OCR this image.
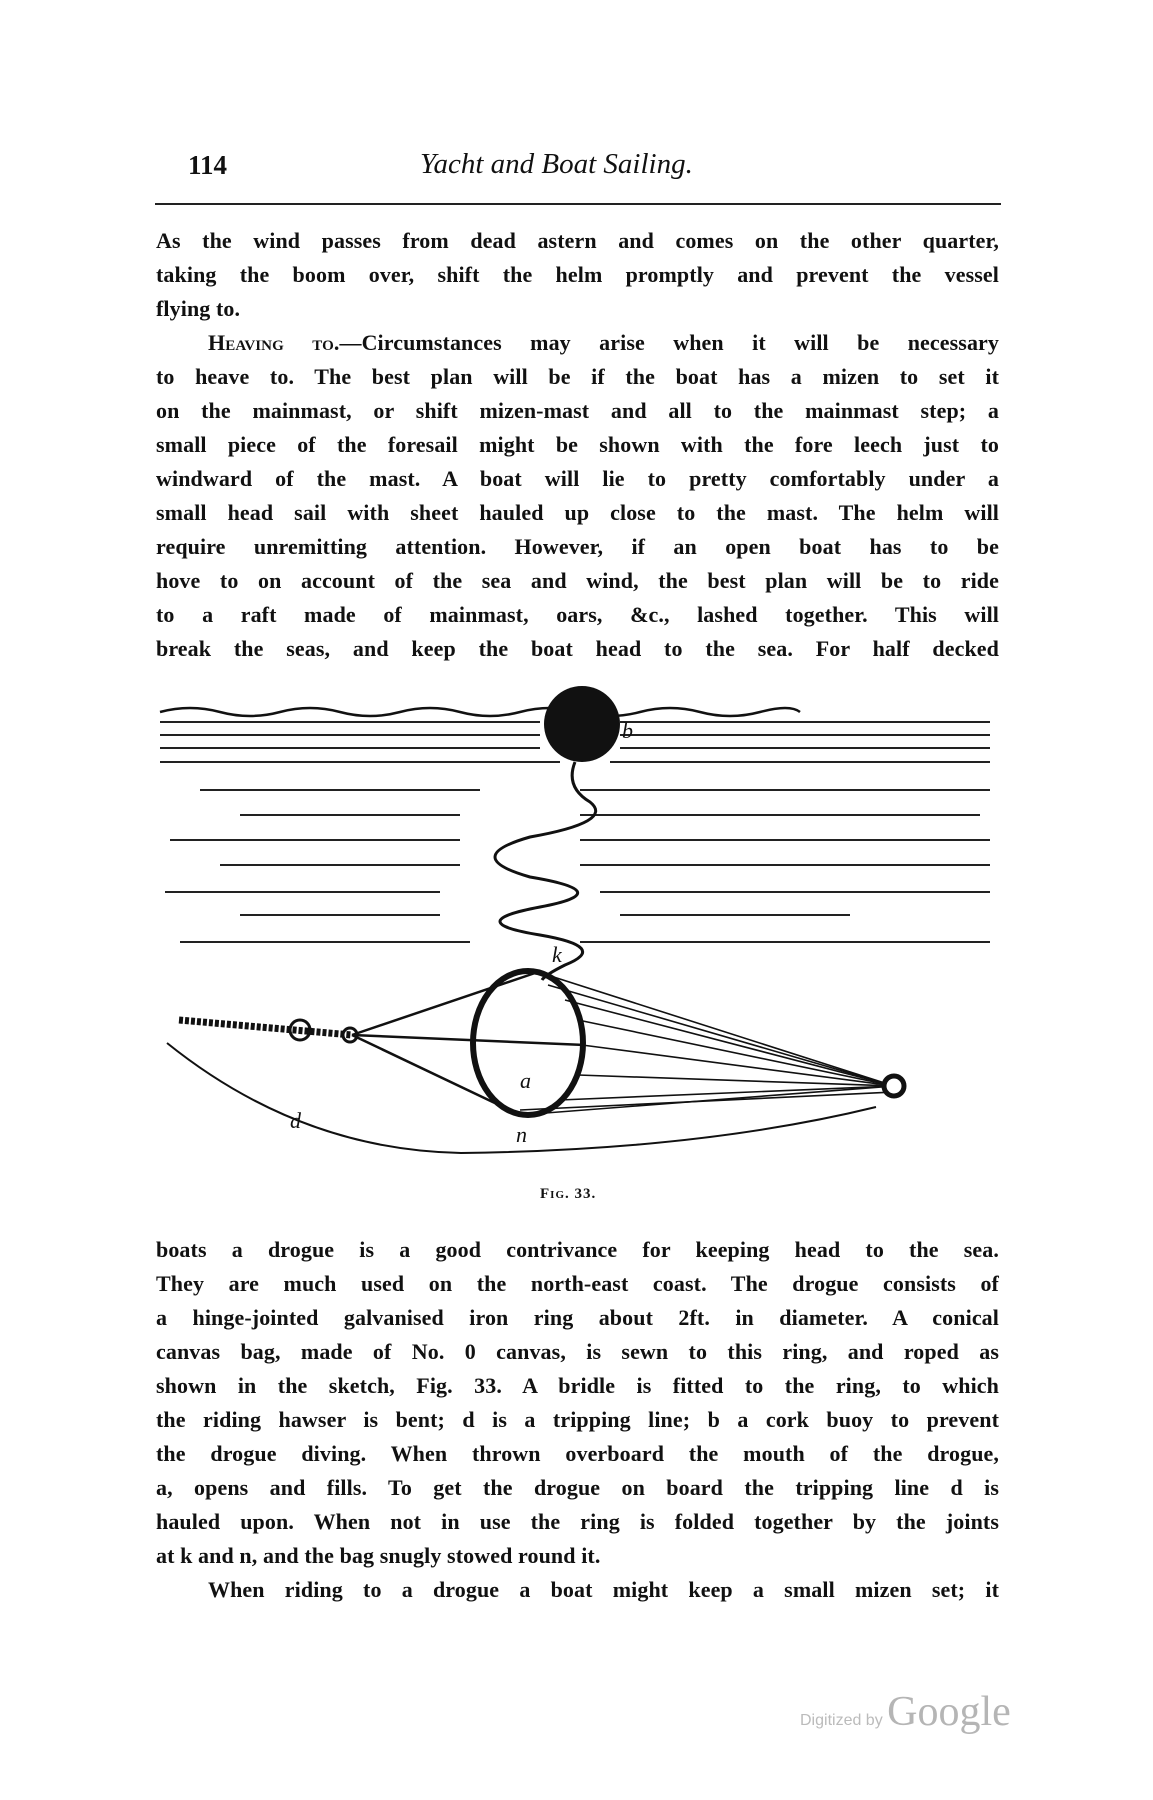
114	Yacht and Boat Sailing.
As the wind passes from dead astern and comes on the other quarter,
taking the boom over, shift the helm promptly and prevent the vessel
flying to.
Heaving to.—Circumstances may arise when it will be necessary
to heave to. The best plan will be if the boat has a mizen to set it
on the mainmast, or shift mizen-mast and all to the mainmast step; a
small piece of the foresail might be shown with the fore leech just to
windward of the mast. A boat will lie to pretty comfortably under a
small head sail with sheet hauled up close to the mast. The helm will
require unremitting attention. However, if an open boat has to be
hove to on account of the sea and wind, the best plan will be to ride
to a raft made of mainmast, oars, &c., lashed together. This will
break the seas, and keep the boat head to the sea. For half decked
b
k
a
d
n
Fig. 33.
boats a drogue is a good contrivance for keeping head to the sea.
They are much used on the north-east coast. The drogue consists of
a hinge-jointed galvanised iron ring about 2ft. in diameter. A conical
canvas bag, made of No. 0 canvas, is sewn to this ring, and roped as
shown in the sketch, Fig. 33. A bridle is fitted to the ring, to which
the riding hawser is bent; d is a tripping line; b a cork buoy to prevent
the drogue diving. When thrown overboard the mouth of the drogue,
a, opens and fills. To get the drogue on board the tripping line d is
hauled upon. When not in use the ring is folded together by the joints
at k and n, and the bag snugly stowed round it.
When riding to a drogue a boat might keep a small mizen set; it
Digitized by Google
